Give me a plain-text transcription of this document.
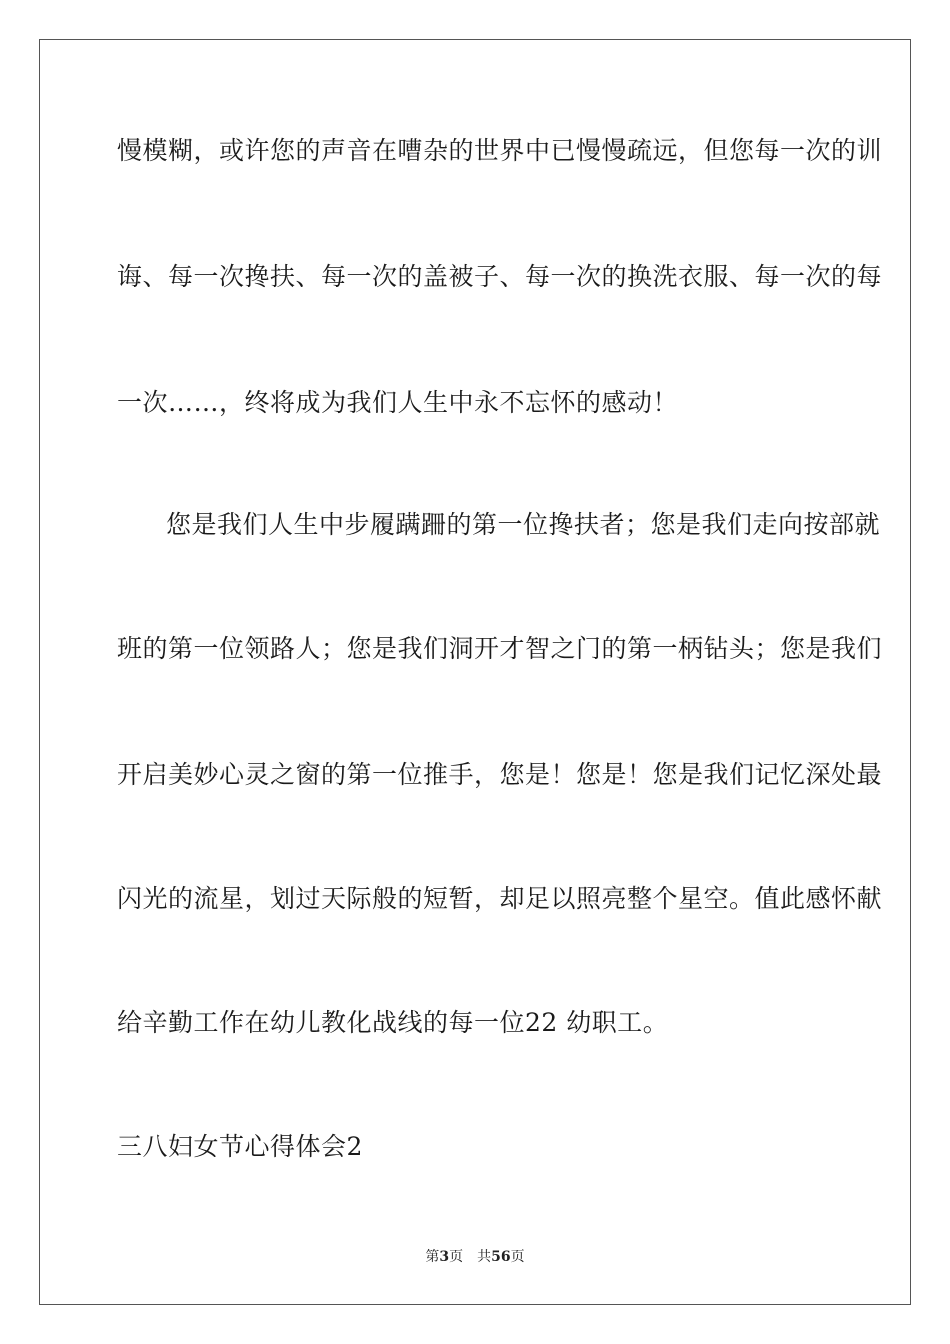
慢模糊，或许您的声音在嘈杂的世界中已慢慢疏远，但您每一次的训
诲、每一次搀扶、每一次的盖被子、每一次的换洗衣服、每一次的每
一次……，终将成为我们人生中永不忘怀的感动！
您是我们人生中步履蹒跚的第一位搀扶者；您是我们走向按部就
班的第一位领路人；您是我们洞开才智之门的第一柄钻头；您是我们
开启美妙心灵之窗的第一位推手，您是！您是！您是我们记忆深处最
闪光的流星，划过天际般的短暂，却足以照亮整个星空。值此感怀献
给辛勤工作在幼儿教化战线的每一位22 幼职工。
三八妇女节心得体会2
第3页 共56页
